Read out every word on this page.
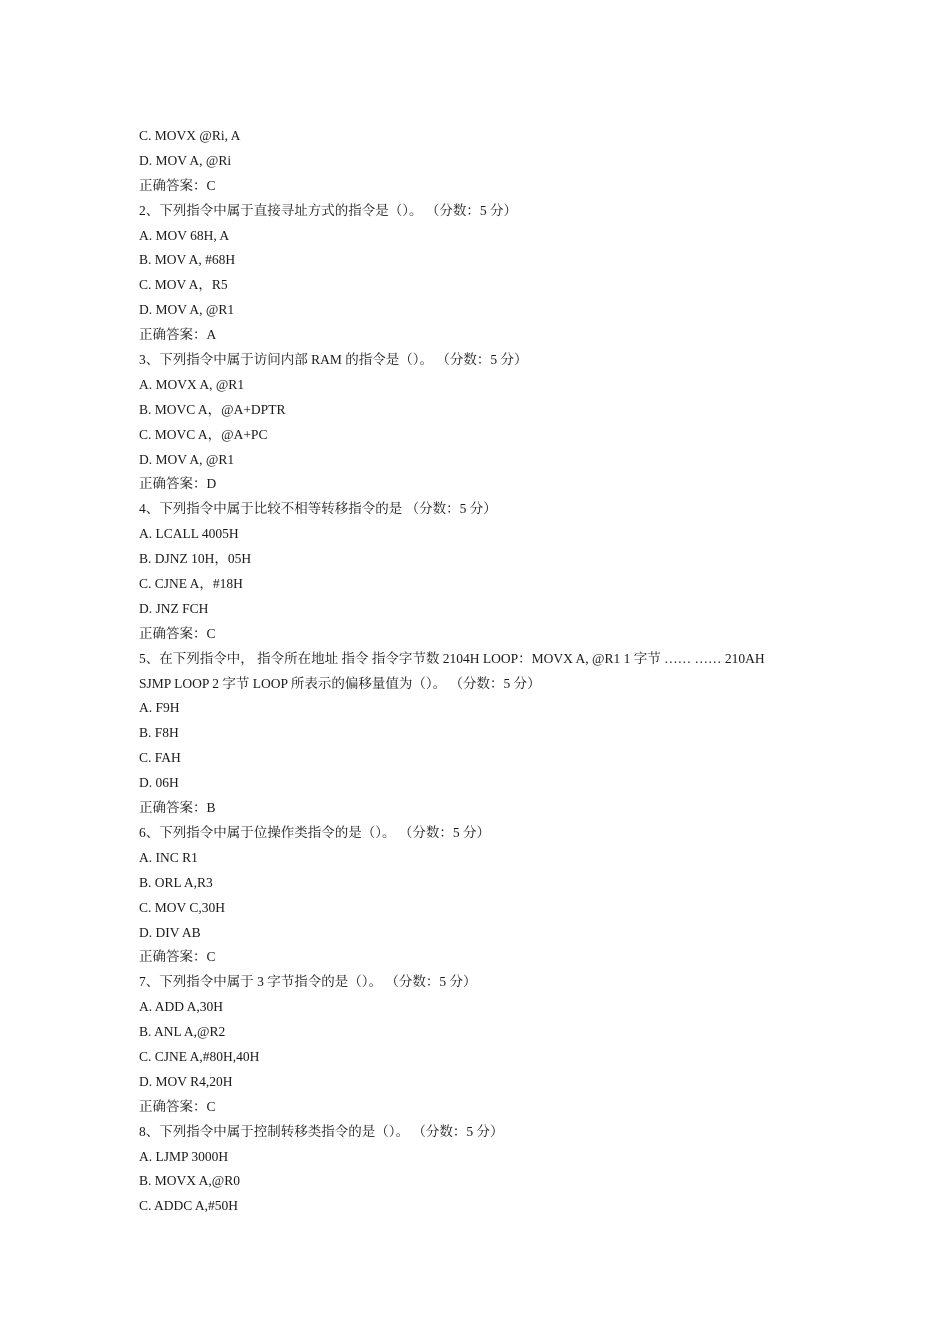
C. MOVX @Ri, A
D. MOV A, @Ri
正确答案：C
2、下列指令中属于直接寻址方式的指令是（）。 （分数：5 分）
A. MOV 68H, A
B. MOV A, #68H
C. MOV A，R5
D. MOV A, @R1
正确答案：A
3、下列指令中属于访问内部 RAM 的指令是（）。 （分数：5 分）
A. MOVX A, @R1
B. MOVC A，@A+DPTR
C. MOVC A，@A+PC
D. MOV A, @R1
正确答案：D
4、下列指令中属于比较不相等转移指令的是 （分数：5 分）
A. LCALL 4005H
B. DJNZ 10H，05H
C. CJNE A，#18H
D. JNZ FCH
正确答案：C
5、在下列指令中， 指令所在地址 指令 指令字节数 2104H LOOP：MOVX A, @R1 1 字节 …… …… 210AH
SJMP LOOP 2 字节 LOOP 所表示的偏移量值为（）。 （分数：5 分）
A. F9H
B. F8H
C. FAH
D. 06H
正确答案：B
6、下列指令中属于位操作类指令的是（）。 （分数：5 分）
A. INC R1
B. ORL A,R3
C. MOV C,30H
D. DIV AB
正确答案：C
7、下列指令中属于 3 字节指令的是（）。 （分数：5 分）
A. ADD A,30H
B. ANL A,@R2
C. CJNE A,#80H,40H
D. MOV R4,20H
正确答案：C
8、下列指令中属于控制转移类指令的是（）。 （分数：5 分）
A. LJMP 3000H
B. MOVX A,@R0
C. ADDC A,#50H
